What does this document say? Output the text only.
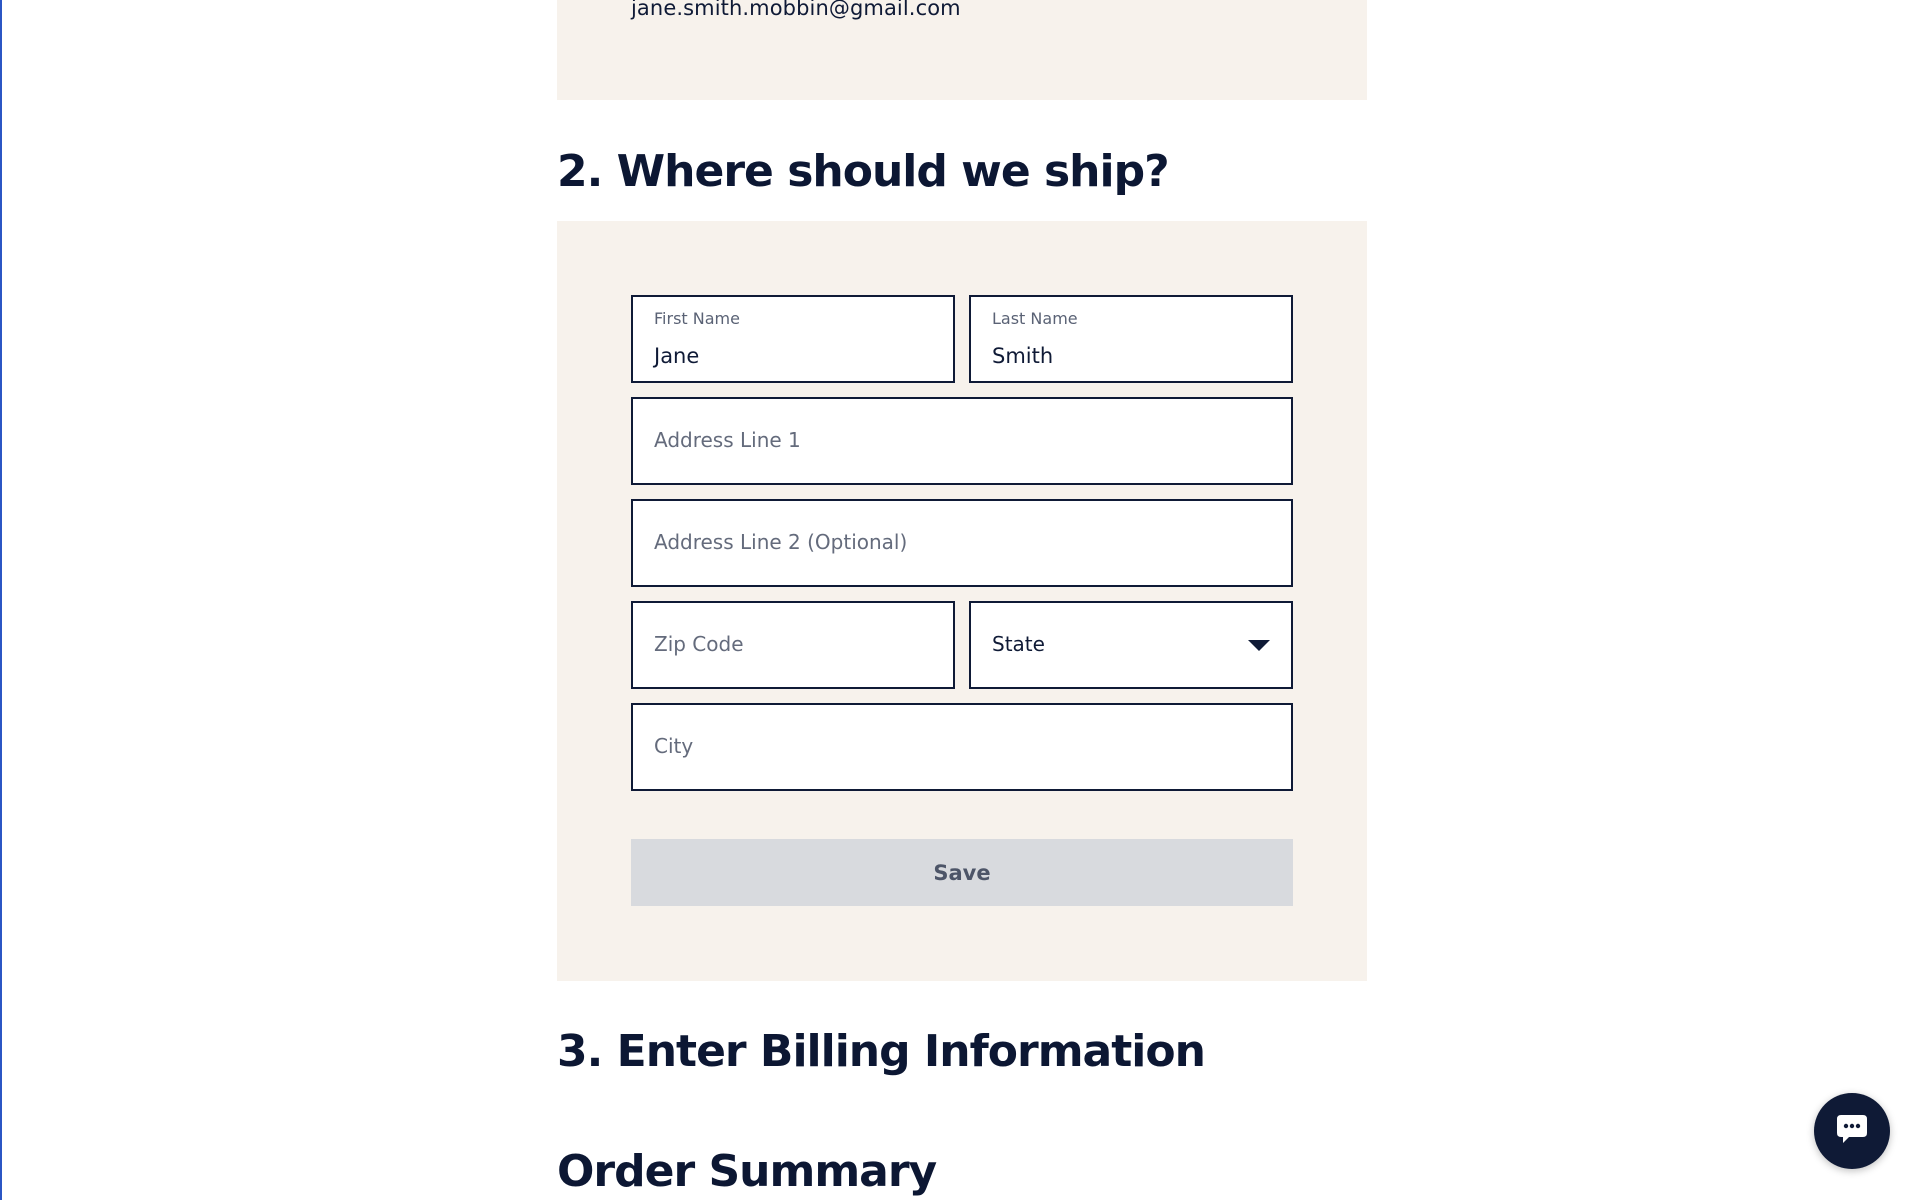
jane.smith.mobbin@gmail.com
2. Where should we ship?
First Name
Jane
Last Name
Smith
Address Line 1
Address Line 2 (Optional)
Zip Code	State
City
Save
3. Enter Billing Information
Order Summary
